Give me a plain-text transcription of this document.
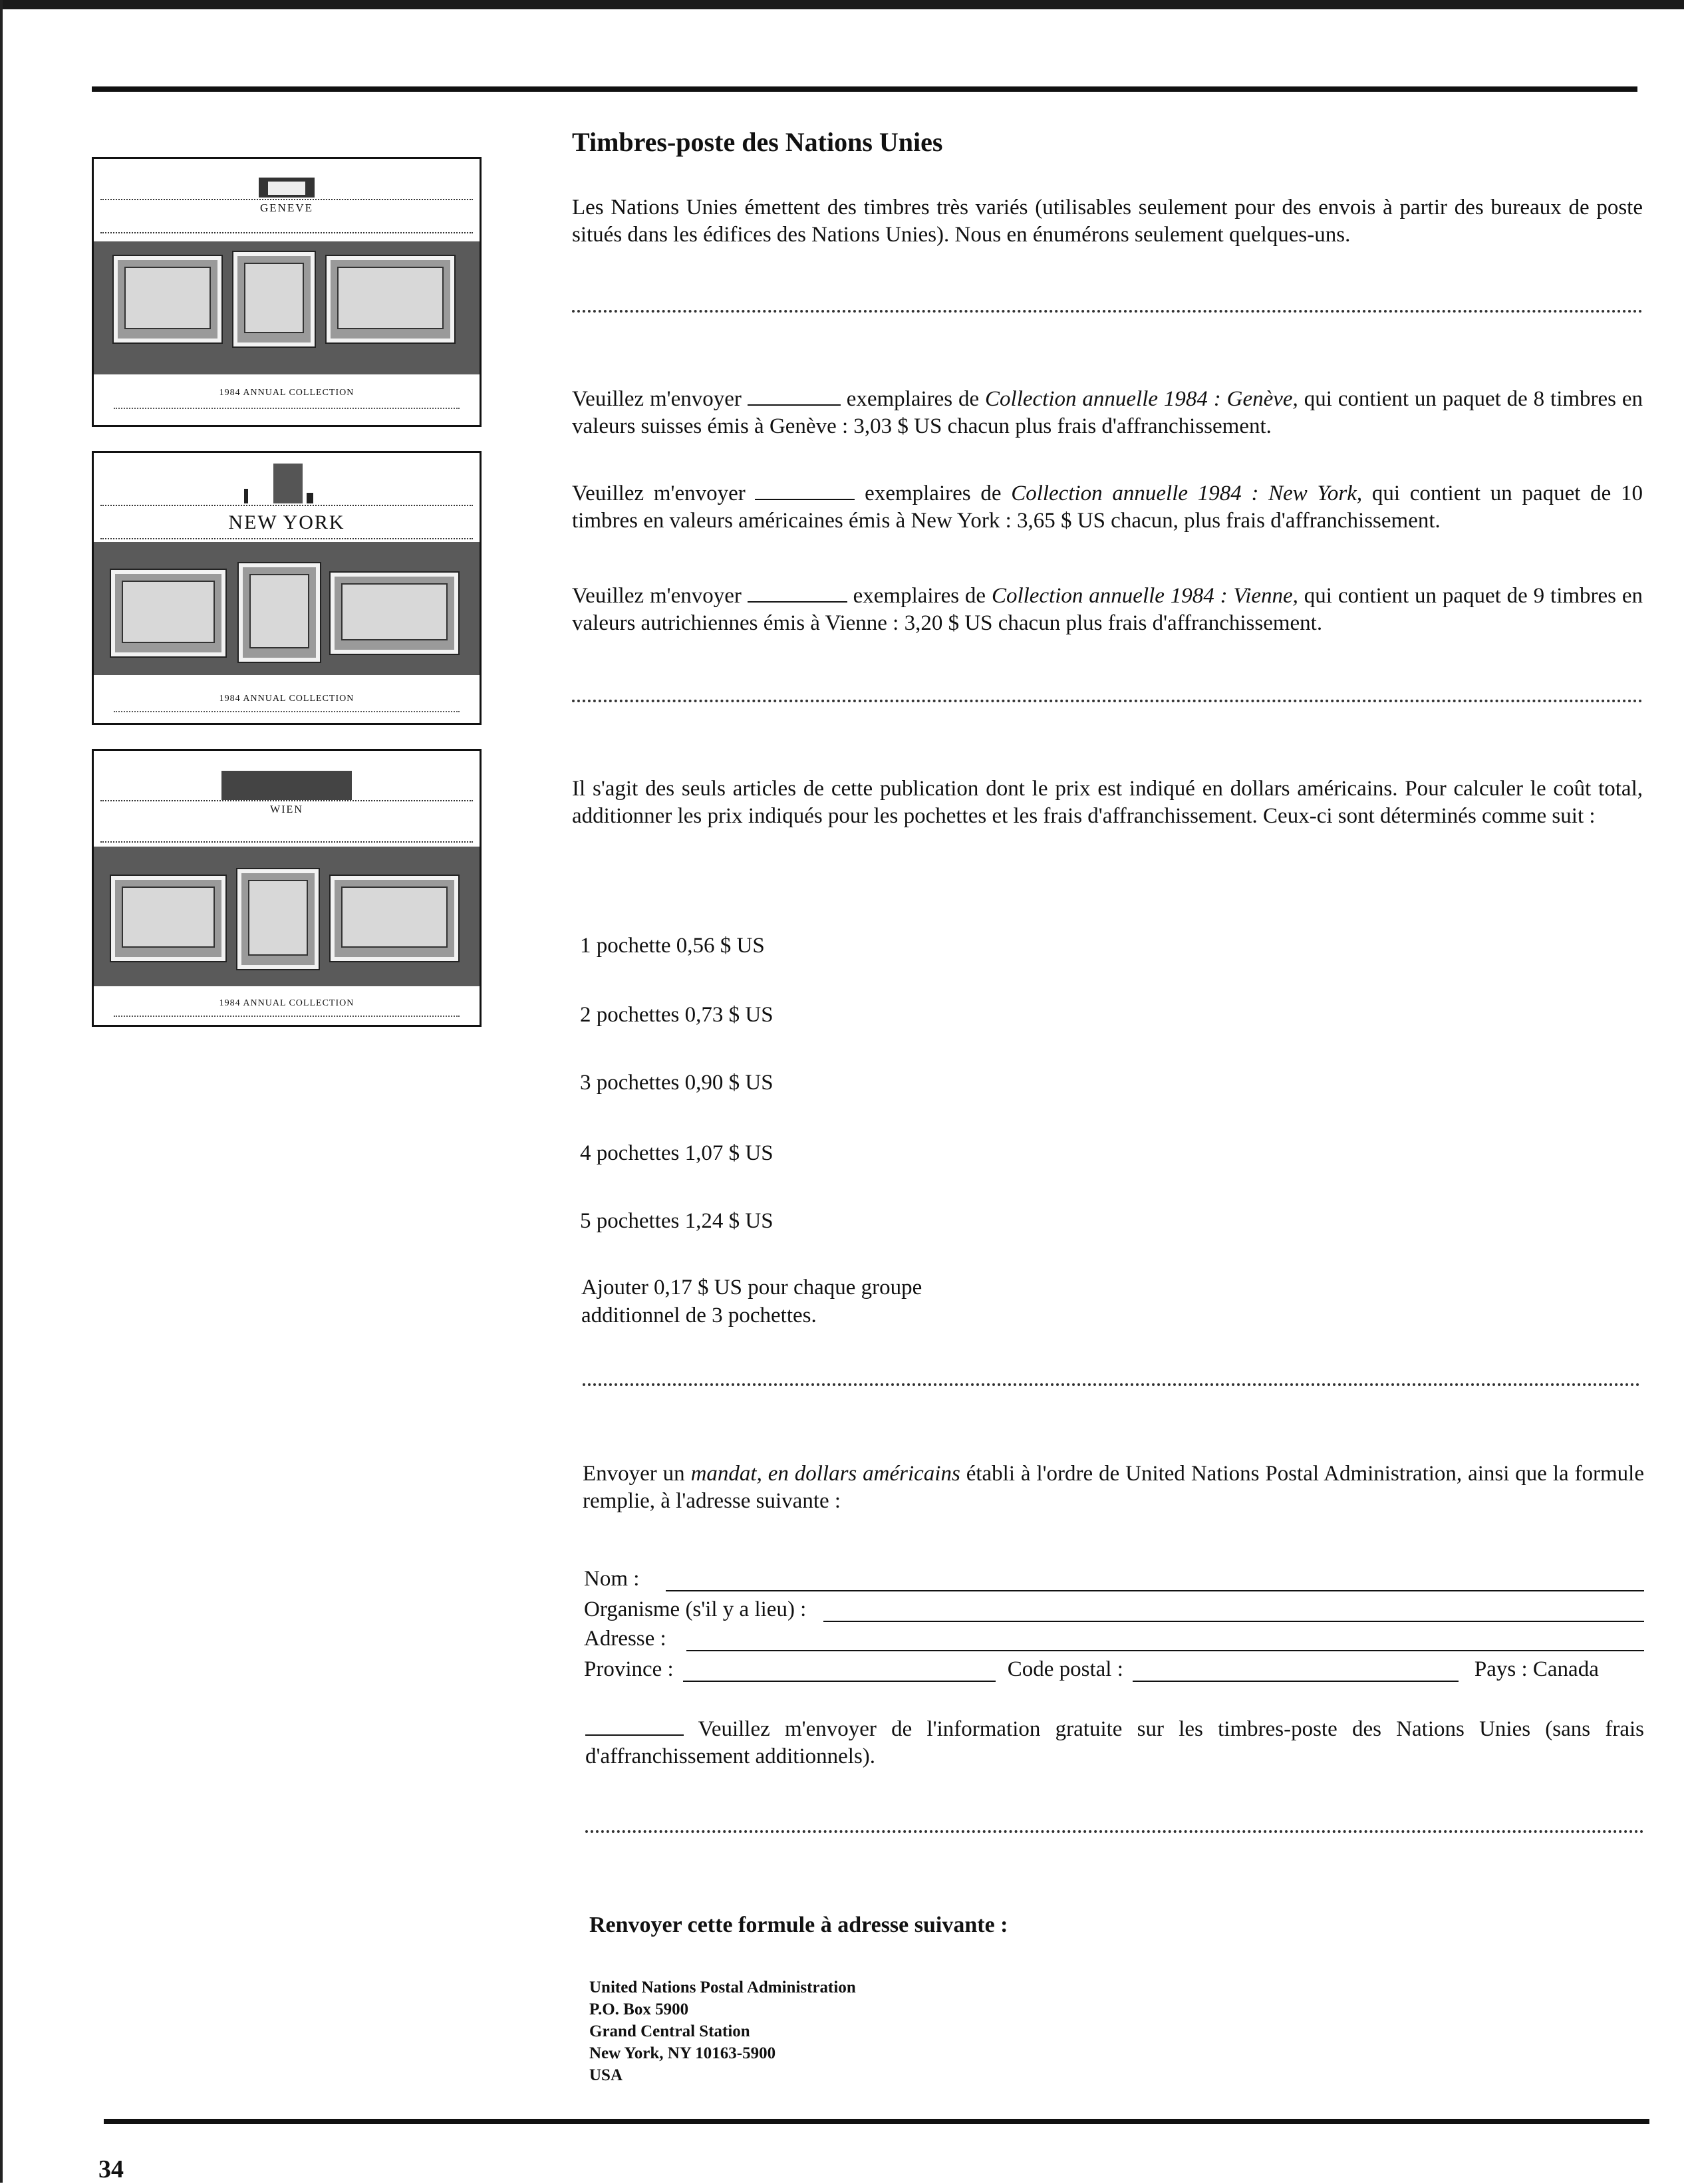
GENEVE
1984 ANNUAL COLLECTION
NEW YORK
1984 ANNUAL COLLECTION
WIEN
1984 ANNUAL COLLECTION
Timbres-poste des Nations Unies
Les Nations Unies émettent des timbres très variés (utilisables seulement pour des envois à partir des bureaux de poste situés dans les édifices des Nations Unies). Nous en énumérons seulement quelques-uns.
Veuillez m'envoyer	exemplaires de Collection annuelle 1984 : Genève, qui contient un paquet de 8 timbres en valeurs suisses émis à Genève : 3,03 $ US chacun plus frais d'affranchissement.
Veuillez m'envoyer	exemplaires de Collection annuelle 1984 : New York, qui contient un paquet de 10 timbres en valeurs américaines émis à New York : 3,65 $ US chacun, plus frais d'affranchissement.
Veuillez m'envoyer	exemplaires de Collection annuelle 1984 : Vienne, qui contient un paquet de 9 timbres en valeurs autrichiennes émis à Vienne : 3,20 $ US chacun plus frais d'affranchissement.
Il s'agit des seuls articles de cette publication dont le prix est indiqué en dollars américains. Pour calculer le coût total, additionner les prix indiqués pour les pochettes et les frais d'affranchissement. Ceux-ci sont déterminés comme suit :
1 pochette 0,56 $ US
2 pochettes 0,73 $ US
3 pochettes 0,90 $ US
4 pochettes 1,07 $ US
5 pochettes 1,24 $ US
Ajouter 0,17 $ US pour chaque groupe
additionnel de 3 pochettes.
Envoyer un mandat, en dollars américains établi à l'ordre de United Nations Postal Administration, ainsi que la formule remplie, à l'adresse suivante :
Nom :
Organisme (s'il y a lieu) :
Adresse :
Province :	Code postal :	Pays : Canada
Veuillez m'envoyer de l'information gratuite sur les timbres-poste des Nations Unies (sans frais d'affranchissement additionnels).
Renvoyer cette formule à adresse suivante :
United Nations Postal Administration
P.O. Box 5900
Grand Central Station
New York, NY 10163-5900
USA
34
